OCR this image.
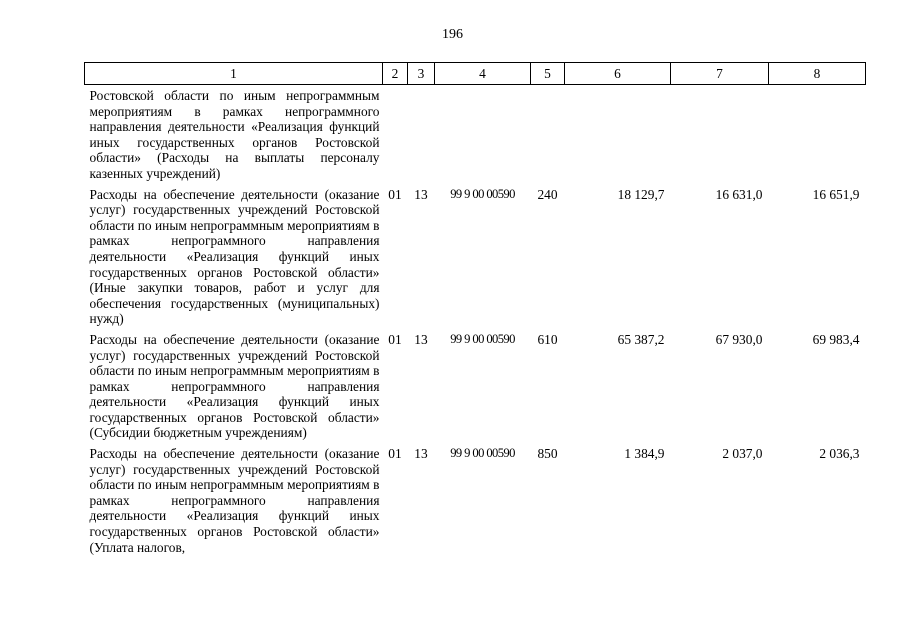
196
1	2	3	4	5	6	7	8
Ростовской области по иным непрограммным мероприятиям в рамках непрограммного направления деятельности «Реализация функций иных государственных органов Ростовской области» (Расходы на выплаты персоналу казенных учреждений)							
Расходы на обеспечение деятельности (оказание услуг) государственных учреждений Ростовской области по иным непрограммным мероприятиям в рамках непрограммного направления деятельности «Реализация функций иных государственных органов Ростовской области» (Иные закупки товаров, работ и услуг для обеспечения государственных (муниципальных) нужд)	01	13	99 9 00 00590	240	18 129,7	16 631,0	16 651,9
Расходы на обеспечение деятельности (оказание услуг) государственных учреждений Ростовской области по иным непрограммным мероприятиям в рамках непрограммного направления деятельности «Реализация функций иных государственных органов Ростовской области» (Субсидии бюджетным учреждениям)	01	13	99 9 00 00590	610	65 387,2	67 930,0	69 983,4
Расходы на обеспечение деятельности (оказание услуг) государственных учреждений Ростовской области по иным непрограммным мероприятиям в рамках непрограммного направления деятельности «Реализация функций иных государственных органов Ростовской области» (Уплата налогов,	01	13	99 9 00 00590	850	1 384,9	2 037,0	2 036,3
